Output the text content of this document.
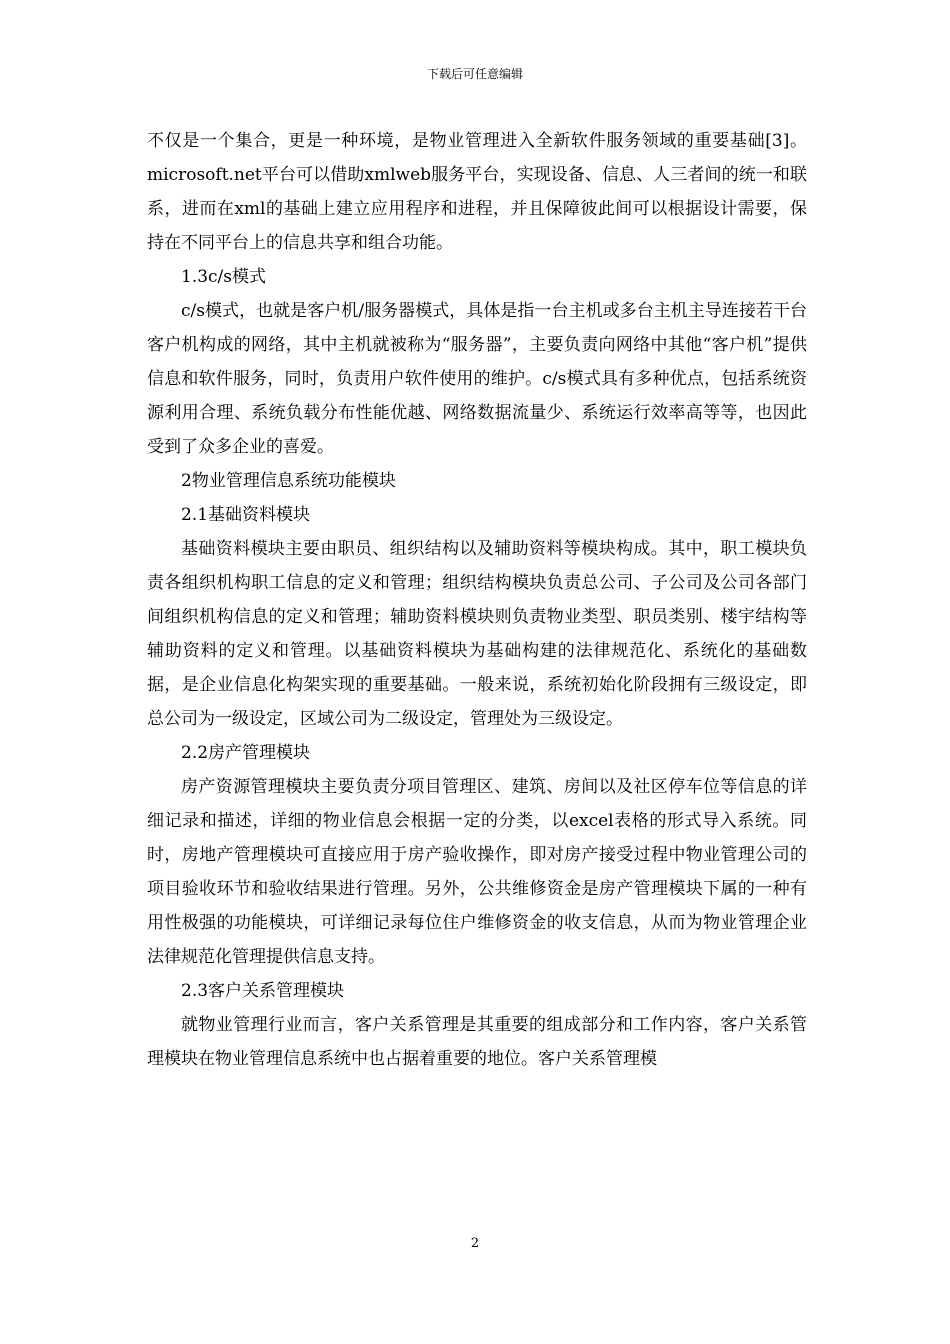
下载后可任意编辑

不仅是一个集合，更是一种环境，是物业管理进入全新软件服务领域的重要基础[3]。microsoft.net平台可以借助xmlweb服务平台，实现设备、信息、人三者间的统一和联系，进而在xml的基础上建立应用程序和进程，并且保障彼此间可以根据设计需要，保持在不同平台上的信息共享和组合功能。

1.3c/s模式

c/s模式，也就是客户机/服务器模式，具体是指一台主机或多台主机主导连接若干台客户机构成的网络，其中主机就被称为“服务器”，主要负责向网络中其他“客户机”提供信息和软件服务，同时，负责用户软件使用的维护。c/s模式具有多种优点，包括系统资源利用合理、系统负载分布性能优越、网络数据流量少、系统运行效率高等等，也因此受到了众多企业的喜爱。

2物业管理信息系统功能模块

2.1基础资料模块

基础资料模块主要由职员、组织结构以及辅助资料等模块构成。其中，职工模块负责各组织机构职工信息的定义和管理；组织结构模块负责总公司、子公司及公司各部门间组织机构信息的定义和管理；辅助资料模块则负责物业类型、职员类别、楼宇结构等辅助资料的定义和管理。以基础资料模块为基础构建的法律规范化、系统化的基础数据，是企业信息化构架实现的重要基础。一般来说，系统初始化阶段拥有三级设定，即总公司为一级设定，区域公司为二级设定，管理处为三级设定。

2.2房产管理模块

房产资源管理模块主要负责分项目管理区、建筑、房间以及社区停车位等信息的详细记录和描述，详细的物业信息会根据一定的分类，以excel表格的形式导入系统。同时，房地产管理模块可直接应用于房产验收操作，即对房产接受过程中物业管理公司的项目验收环节和验收结果进行管理。另外，公共维修资金是房产管理模块下属的一种有用性极强的功能模块，可详细记录每位住户维修资金的收支信息，从而为物业管理企业法律规范化管理提供信息支持。

2.3客户关系管理模块

就物业管理行业而言，客户关系管理是其重要的组成部分和工作内容，客户关系管理模块在物业管理信息系统中也占据着重要的地位。客户关系管理模

2
